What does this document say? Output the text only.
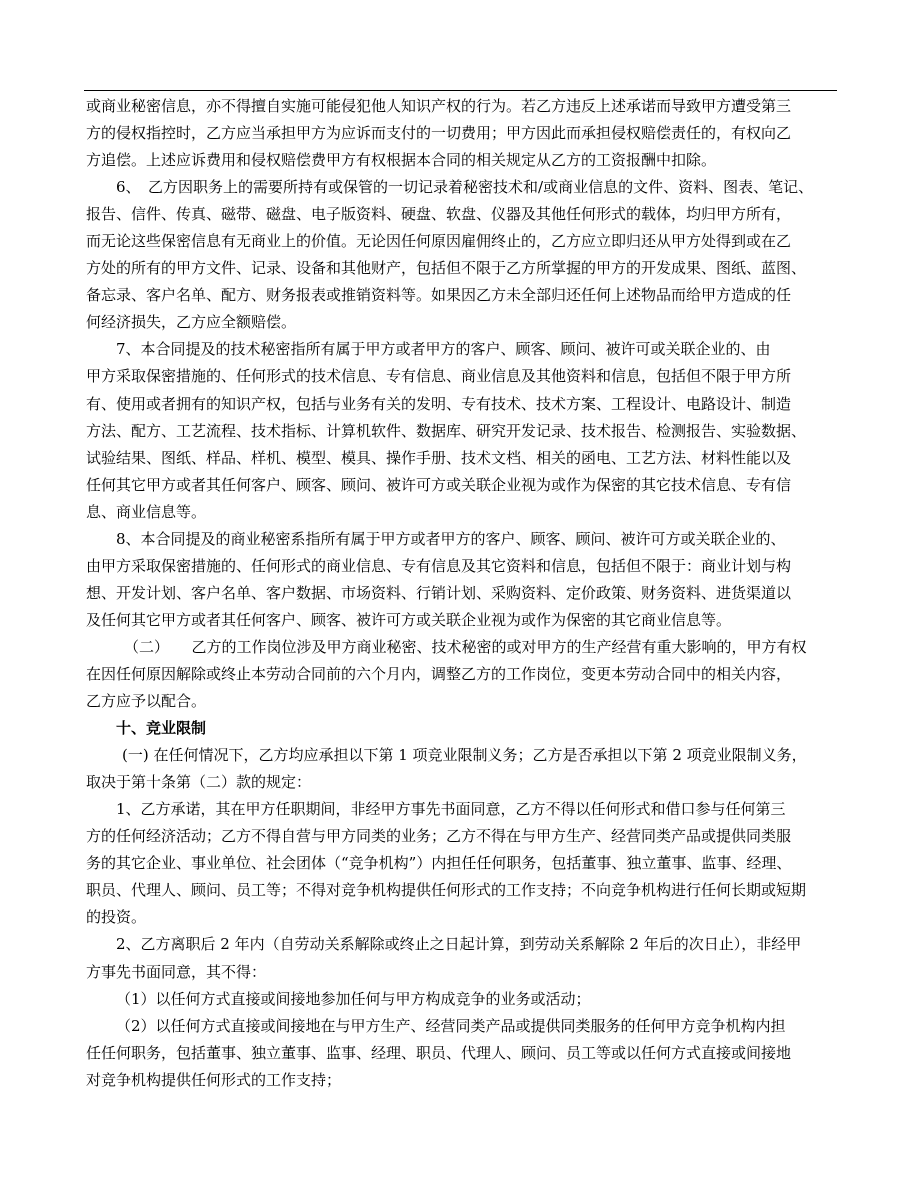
或商业秘密信息，亦不得擅自实施可能侵犯他人知识产权的行为。若乙方违反上述承诺而导致甲方遭受第三
方的侵权指控时，乙方应当承担甲方为应诉而支付的一切费用；甲方因此而承担侵权赔偿责任的，有权向乙
方追偿。上述应诉费用和侵权赔偿费甲方有权根据本合同的相关规定从乙方的工资报酬中扣除。
6、　乙方因职务上的需要所持有或保管的一切记录着秘密技术和/或商业信息的文件、资料、图表、笔记、
报告、信件、传真、磁带、磁盘、电子版资料、硬盘、软盘、仪器及其他任何形式的载体，均归甲方所有，
而无论这些保密信息有无商业上的价值。无论因任何原因雇佣终止的，乙方应立即归还从甲方处得到或在乙
方处的所有的甲方文件、记录、设备和其他财产，包括但不限于乙方所掌握的甲方的开发成果、图纸、蓝图、
备忘录、客户名单、配方、财务报表或推销资料等。如果因乙方未全部归还任何上述物品而给甲方造成的任
何经济损失，乙方应全额赔偿。
7、本合同提及的技术秘密指所有属于甲方或者甲方的客户、顾客、顾问、被许可或关联企业的、由
甲方采取保密措施的、任何形式的技术信息、专有信息、商业信息及其他资料和信息，包括但不限于甲方所
有、使用或者拥有的知识产权，包括与业务有关的发明、专有技术、技术方案、工程设计、电路设计、制造
方法、配方、工艺流程、技术指标、计算机软件、数据库、研究开发记录、技术报告、检测报告、实验数据、
试验结果、图纸、样品、样机、模型、模具、操作手册、技术文档、相关的函电、工艺方法、材料性能以及
任何其它甲方或者其任何客户、顾客、顾问、被许可方或关联企业视为或作为保密的其它技术信息、专有信
息、商业信息等。
8、本合同提及的商业秘密系指所有属于甲方或者甲方的客户、顾客、顾问、被许可方或关联企业的、
由甲方采取保密措施的、任何形式的商业信息、专有信息及其它资料和信息，包括但不限于：商业计划与构
想、开发计划、客户名单、客户数据、市场资料、行销计划、采购资料、定价政策、财务资料、进货渠道以
及任何其它甲方或者其任何客户、顾客、被许可方或关联企业视为或作为保密的其它商业信息等。
（二）　　乙方的工作岗位涉及甲方商业秘密、技术秘密的或对甲方的生产经营有重大影响的，甲方有权
在因任何原因解除或终止本劳动合同前的六个月内，调整乙方的工作岗位，变更本劳动合同中的相关内容，
乙方应予以配合。
十、竞业限制
(一) 在任何情况下，乙方均应承担以下第 1 项竞业限制义务；乙方是否承担以下第 2 项竞业限制义务，
取决于第十条第（二）款的规定：
1、乙方承诺，其在甲方任职期间，非经甲方事先书面同意，乙方不得以任何形式和借口参与任何第三
方的任何经济活动；乙方不得自营与甲方同类的业务；乙方不得在与甲方生产、经营同类产品或提供同类服
务的其它企业、事业单位、社会团体（“竞争机构”）内担任任何职务，包括董事、独立董事、监事、经理、
职员、代理人、顾问、员工等；不得对竞争机构提供任何形式的工作支持；不向竞争机构进行任何长期或短期
的投资。
2、乙方离职后 2 年内（自劳动关系解除或终止之日起计算，到劳动关系解除 2 年后的次日止），非经甲
方事先书面同意，其不得：
（1）以任何方式直接或间接地参加任何与甲方构成竞争的业务或活动；
（2）以任何方式直接或间接地在与甲方生产、经营同类产品或提供同类服务的任何甲方竞争机构内担
任任何职务，包括董事、独立董事、监事、经理、职员、代理人、顾问、员工等或以任何方式直接或间接地
对竞争机构提供任何形式的工作支持；
